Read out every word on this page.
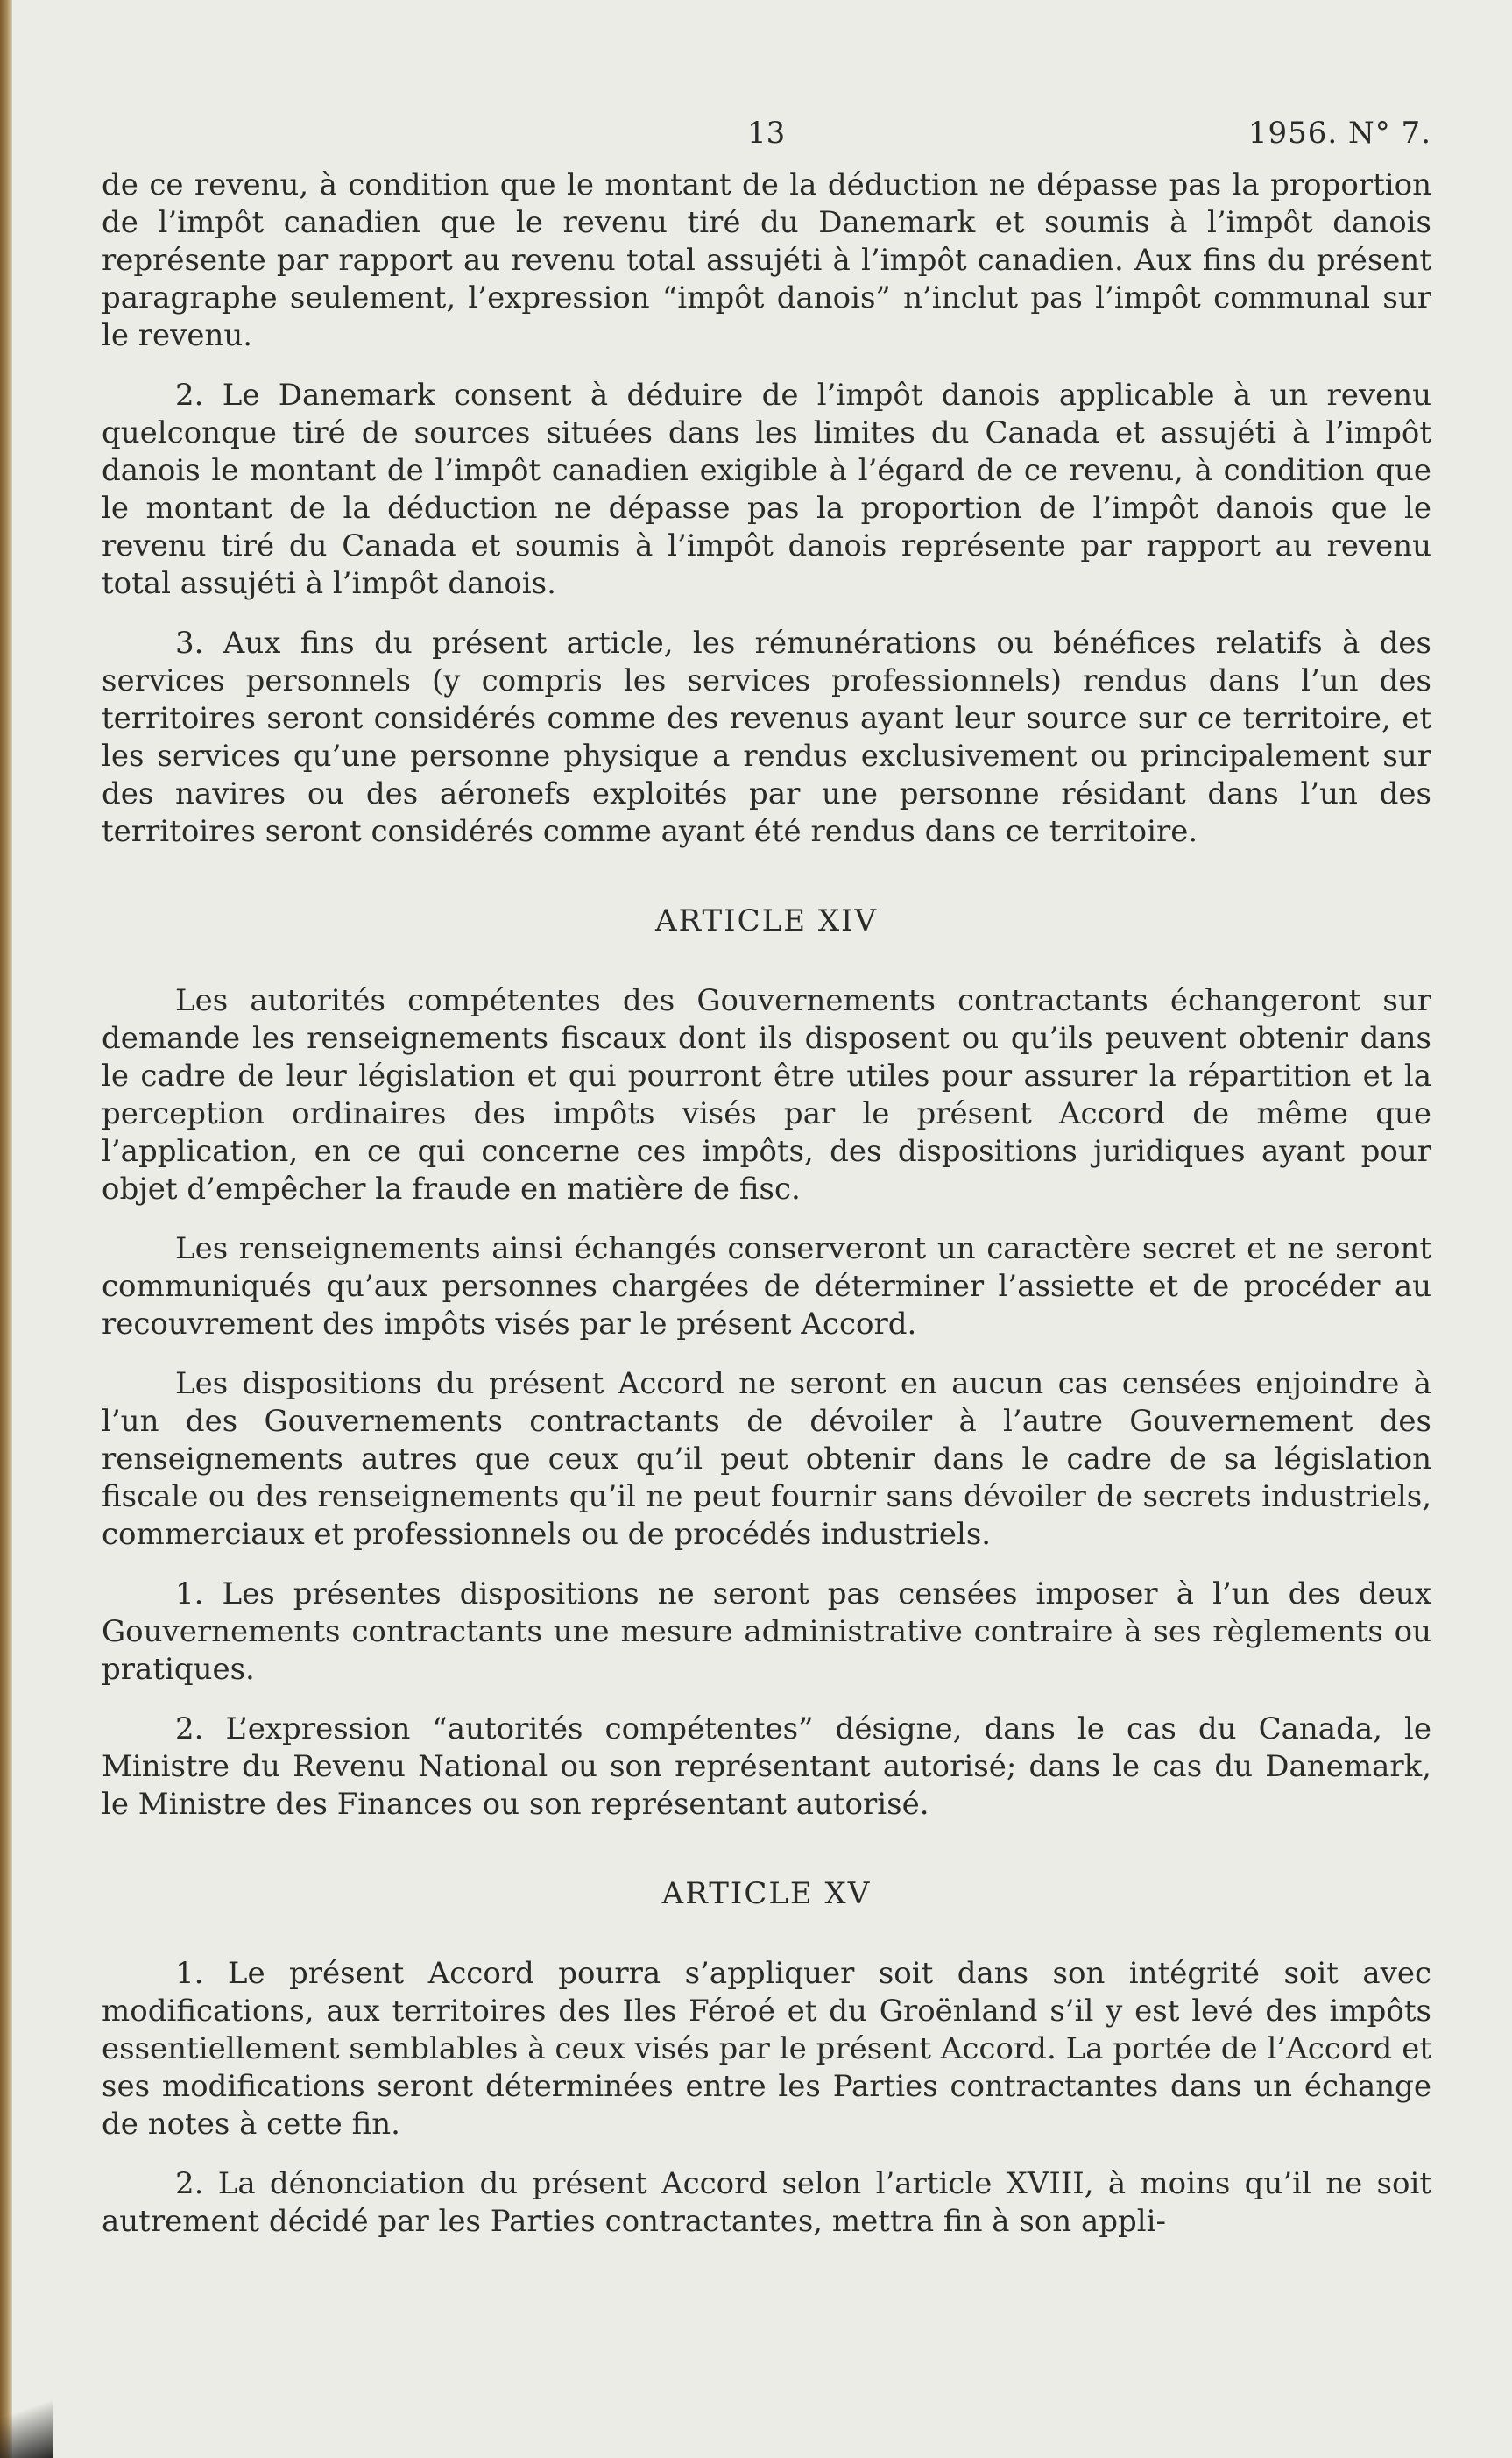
13	1956. N° 7.

de ce revenu, à condition que le montant de la déduction ne dépasse pas la proportion de l’impôt canadien que le revenu tiré du Danemark et soumis à l’impôt danois représente par rapport au revenu total assujéti à l’impôt canadien. Aux fins du présent paragraphe seulement, l’expression “impôt danois” n’inclut pas l’impôt communal sur le revenu.

2. Le Danemark consent à déduire de l’impôt danois applicable à un revenu quelconque tiré de sources situées dans les limites du Canada et assujéti à l’impôt danois le montant de l’impôt canadien exigible à l’égard de ce revenu, à condition que le montant de la déduction ne dépasse pas la proportion de l’impôt danois que le revenu tiré du Canada et soumis à l’impôt danois représente par rapport au revenu total assujéti à l’impôt danois.

3. Aux fins du présent article, les rémunérations ou bénéfices relatifs à des services personnels (y compris les services professionnels) rendus dans l’un des territoires seront considérés comme des revenus ayant leur source sur ce territoire, et les services qu’une personne physique a rendus exclusivement ou principalement sur des navires ou des aéronefs exploités par une personne résidant dans l’un des territoires seront considérés comme ayant été rendus dans ce territoire.

ARTICLE XIV

Les autorités compétentes des Gouvernements contractants échangeront sur demande les renseignements fiscaux dont ils disposent ou qu’ils peuvent obtenir dans le cadre de leur législation et qui pourront être utiles pour assurer la répartition et la perception ordinaires des impôts visés par le présent Accord de même que l’application, en ce qui concerne ces impôts, des dispositions juridiques ayant pour objet d’empêcher la fraude en matière de fisc.

Les renseignements ainsi échangés conserveront un caractère secret et ne seront communiqués qu’aux personnes chargées de déterminer l’assiette et de procéder au recouvrement des impôts visés par le présent Accord.

Les dispositions du présent Accord ne seront en aucun cas censées enjoindre à l’un des Gouvernements contractants de dévoiler à l’autre Gouvernement des renseignements autres que ceux qu’il peut obtenir dans le cadre de sa législation fiscale ou des renseignements qu’il ne peut fournir sans dévoiler de secrets industriels, commerciaux et professionnels ou de procédés industriels.

1. Les présentes dispositions ne seront pas censées imposer à l’un des deux Gouvernements contractants une mesure administrative contraire à ses règlements ou pratiques.

2. L’expression “autorités compétentes” désigne, dans le cas du Canada, le Ministre du Revenu National ou son représentant autorisé; dans le cas du Danemark, le Ministre des Finances ou son représentant autorisé.

ARTICLE XV

1. Le présent Accord pourra s’appliquer soit dans son intégrité soit avec modifications, aux territoires des Iles Féroé et du Groënland s’il y est levé des impôts essentiellement semblables à ceux visés par le présent Accord. La portée de l’Accord et ses modifications seront déterminées entre les Parties contractantes dans un échange de notes à cette fin.

2. La dénonciation du présent Accord selon l’article XVIII, à moins qu’il ne soit autrement décidé par les Parties contractantes, mettra fin à son appli-
